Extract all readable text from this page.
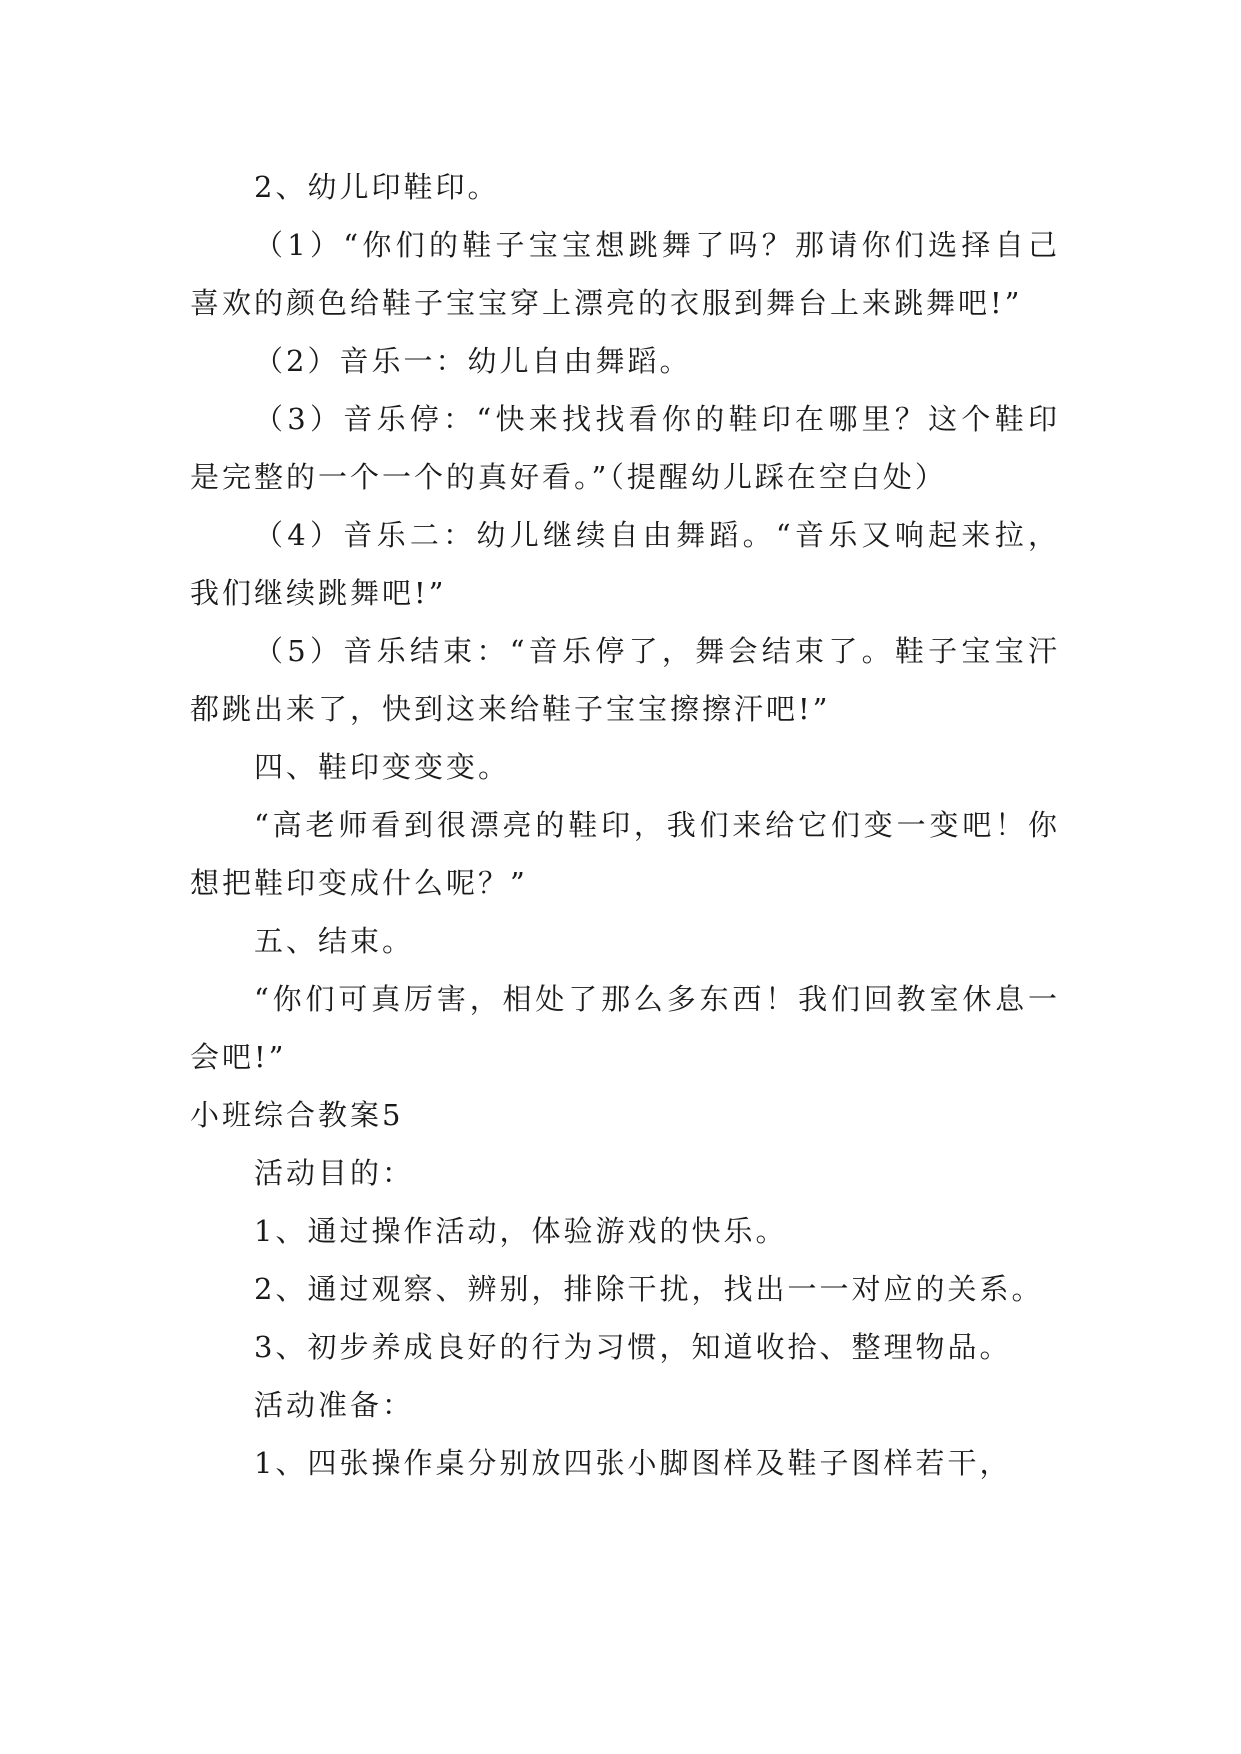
2、幼儿印鞋印。

（1）“你们的鞋子宝宝想跳舞了吗？那请你们选择自己喜欢的颜色给鞋子宝宝穿上漂亮的衣服到舞台上来跳舞吧!”

（2）音乐一：幼儿自由舞蹈。

（3）音乐停：“快来找找看你的鞋印在哪里？这个鞋印是完整的一个一个的真好看。”（提醒幼儿踩在空白处）

（4）音乐二：幼儿继续自由舞蹈。“音乐又响起来拉，我们继续跳舞吧!”

（5）音乐结束：“音乐停了，舞会结束了。鞋子宝宝汗都跳出来了，快到这来给鞋子宝宝擦擦汗吧!”

四、鞋印变变变。

“高老师看到很漂亮的鞋印，我们来给它们变一变吧！你想把鞋印变成什么呢？”

五、结束。

“你们可真厉害，相处了那么多东西！我们回教室休息一会吧!”

小班综合教案5

活动目的：

1、通过操作活动，体验游戏的快乐。

2、通过观察、辨别，排除干扰，找出一一对应的关系。

3、初步养成良好的行为习惯，知道收拾、整理物品。

活动准备：

1、四张操作桌分别放四张小脚图样及鞋子图样若干，
